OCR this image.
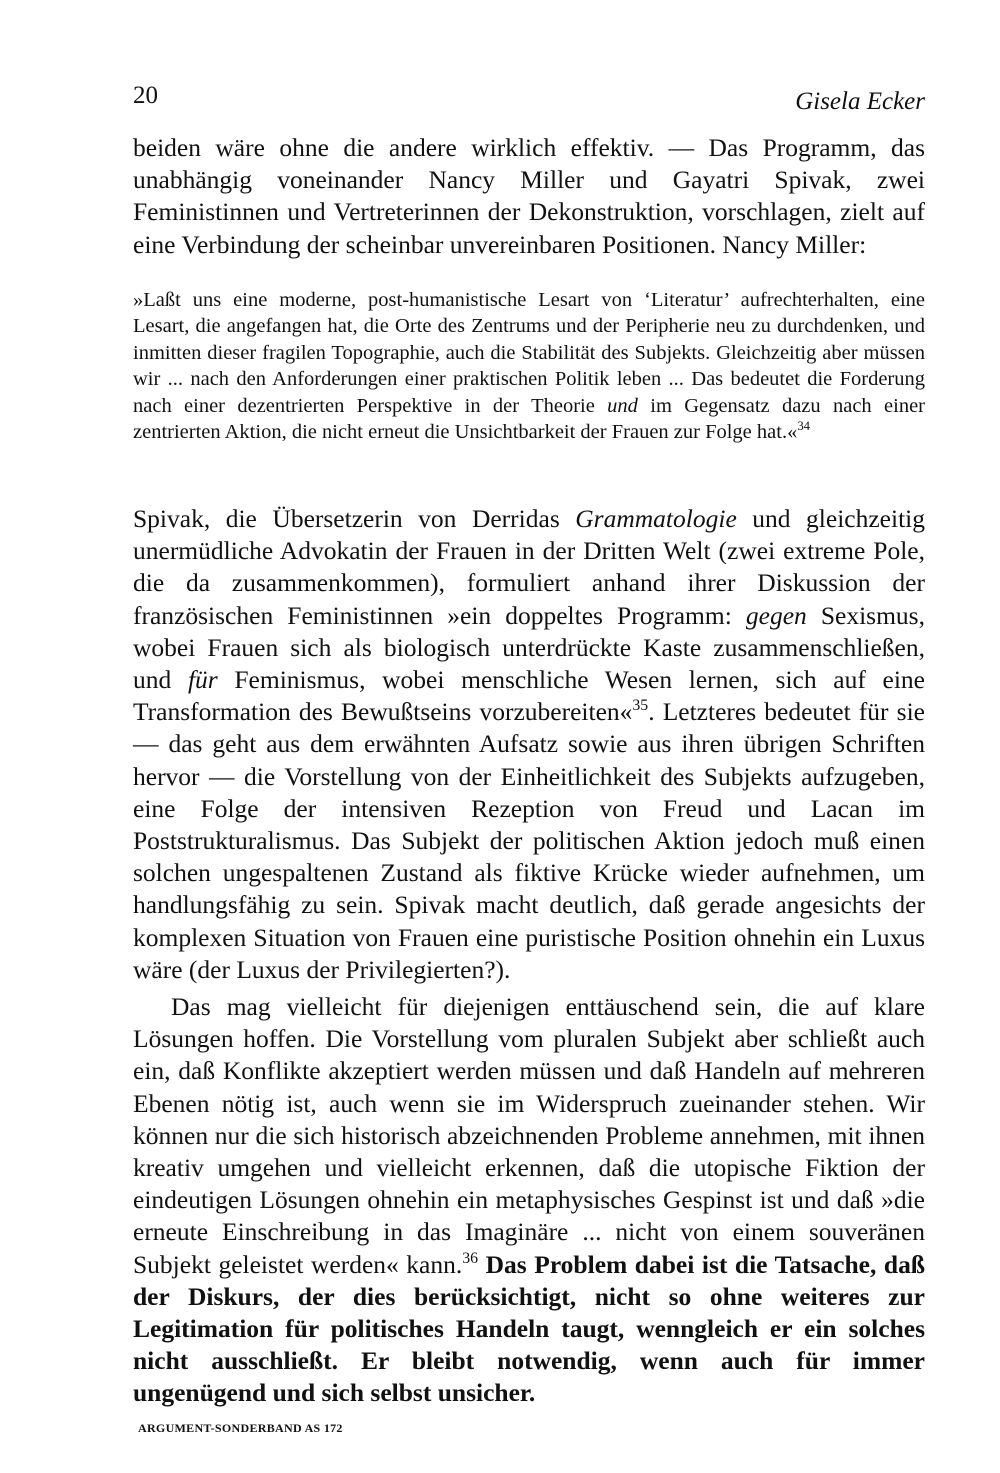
20	Gisela Ecker

beiden wäre ohne die andere wirklich effektiv. — Das Programm, das unabhängig voneinander Nancy Miller und Gayatri Spivak, zwei Feministinnen und Vertreterinnen der Dekonstruktion, vorschlagen, zielt auf eine Verbindung der scheinbar unvereinbaren Positionen. Nancy Miller:

»Laßt uns eine moderne, post-humanistische Lesart von ‘Literatur’ aufrechterhalten, eine Lesart, die angefangen hat, die Orte des Zentrums und der Peripherie neu zu durchdenken, und inmitten dieser fragilen Topographie, auch die Stabilität des Subjekts. Gleichzeitig aber müssen wir ... nach den Anforderungen einer praktischen Politik leben ... Das bedeutet die Forderung nach einer dezentrierten Perspektive in der Theorie und im Gegensatz dazu nach einer zentrierten Aktion, die nicht erneut die Unsichtbarkeit der Frauen zur Folge hat.«$^{34}$

Spivak, die Übersetzerin von Derridas Grammatologie und gleichzeitig unermüdliche Advokatin der Frauen in der Dritten Welt (zwei extreme Pole, die da zusammenkommen), formuliert anhand ihrer Diskussion der französischen Feministinnen »ein doppeltes Programm: gegen Sexismus, wobei Frauen sich als biologisch unterdrückte Kaste zusammenschließen, und für Feminismus, wobei menschliche Wesen lernen, sich auf eine Transformation des Bewußtseins vorzubereiten«$^{35}$. Letzteres bedeutet für sie — das geht aus dem erwähnten Aufsatz sowie aus ihren übrigen Schriften hervor — die Vorstellung von der Einheitlichkeit des Subjekts aufzugeben, eine Folge der intensiven Rezeption von Freud und Lacan im Poststrukturalismus. Das Subjekt der politischen Aktion jedoch muß einen solchen ungespaltenen Zustand als fiktive Krücke wieder aufnehmen, um handlungsfähig zu sein. Spivak macht deutlich, daß gerade angesichts der komplexen Situation von Frauen eine puristische Position ohnehin ein Luxus wäre (der Luxus der Privilegierten?).

Das mag vielleicht für diejenigen enttäuschend sein, die auf klare Lösungen hoffen. Die Vorstellung vom pluralen Subjekt aber schließt auch ein, daß Konflikte akzeptiert werden müssen und daß Handeln auf mehreren Ebenen nötig ist, auch wenn sie im Widerspruch zueinander stehen. Wir können nur die sich historisch abzeichnenden Probleme annehmen, mit ihnen kreativ umgehen und vielleicht erkennen, daß die utopische Fiktion der eindeutigen Lösungen ohnehin ein metaphysisches Gespinst ist und daß »die erneute Einschreibung in das Imaginäre ... nicht von einem souveränen Subjekt geleistet werden« kann.$^{36}$ Das Problem dabei ist die Tatsache, daß der Diskurs, der dies berücksichtigt, nicht so ohne weiteres zur Legitimation für politisches Handeln taugt, wenngleich er ein solches nicht ausschließt. Er bleibt notwendig, wenn auch für immer ungenügend und sich selbst unsicher.

ARGUMENT-SONDERBAND AS 172
